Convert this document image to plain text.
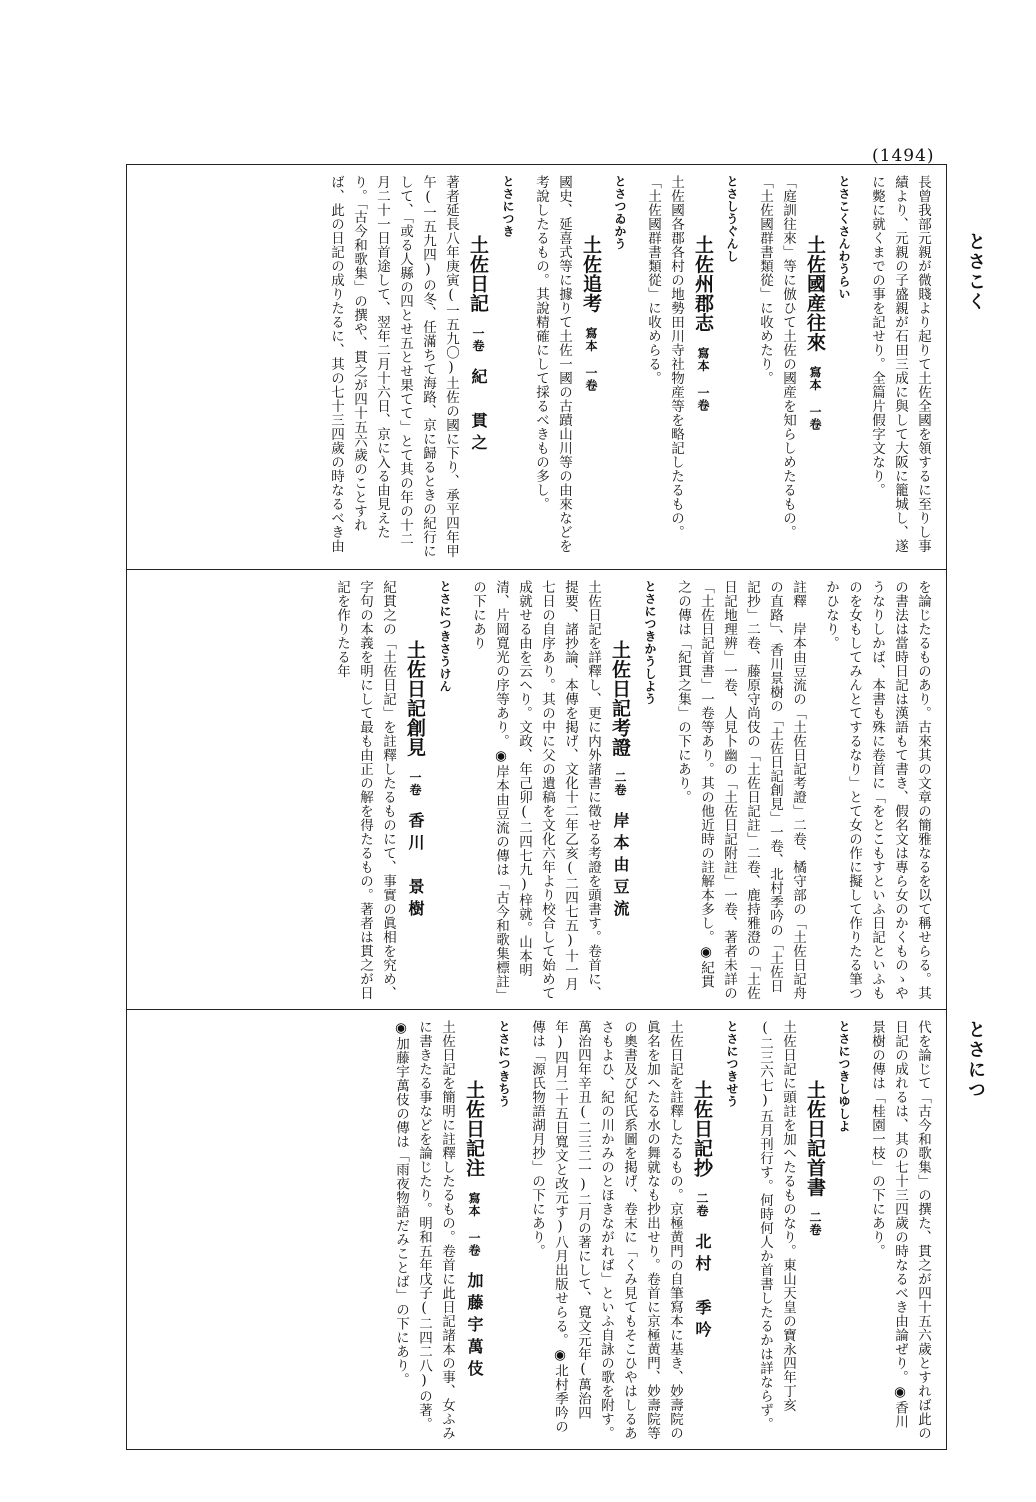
(1494)
とさこく
とさにつ
長曾我部元親が微賤より起りて土佐全國を領するに至りし事績より、元親の子盛親が石田三成に與して大阪に籠城し、遂に斃に就くまでの事を記せり。全篇片假字文なり。
とさこくさんわうらい
土佐國産往來寫本 一卷
「庭訓往來」等に倣ひて土佐の國産を知らしめたるもの。「土佐國群書類從」に收めたり。
とさしうぐんし
土佐州郡志寫本 一卷
土佐國各郡各村の地勢田川寺社物産等を略記したるもの。「土佐國群書類從」に收めらる。
とさつゐかう
土佐追考寫本 一卷
國史、延喜式等に據りて土佐一國の古蹟山川等の由來などを考說したるもの。其說精確にして採るべきもの多し。
とさにつき
土佐日記一卷紀　貫之
著者延長八年庚寅(一五九〇)土佐の國に下り、承平四年甲午(一五九四)の冬、任滿ちて海路、京に歸るときの紀行にして、「或る人縣の四とせ五とせ果てて」とて其の年の十二月二十一日首途して、翌年二月十六日、京に入る由見えたり。「古今和歌集」の撰や、貫之が四十五六歲のことすれば、此の日記の成りたるに、其の七十三四歲の時なるべき由
を論じたるものあり。古來其の文章の簡雅なるを以て稱せらる。其の書法は當時日記は漢語もて書き、假名文は專ら女のかくものゝやうなりしかば、本書も殊に卷首に「をとこもすといふ日記といふものを女もしてみんとてするなり」とて女の作に擬して作りたる筆つかひなり。
註釋　岸本由豆流の「土佐日記考證」二卷、橘守部の「土佐日記舟の直路」、香川景樹の「土佐日記創見」一卷、北村季吟の「土佐日記抄」二卷、藤原守尚伎の「土佐日記註」二卷、鹿持雅澄の「土佐日記地理辨」一卷、人見卜幽の「土佐日記附註」一卷、著者未詳の「土佐日記首書」一卷等あり。其の他近時の註解本多し。◉紀貫之の傳は「紀貫之集」の下にあり。
とさにつきかうしよう
土佐日記考證二卷岸本由豆流
土佐日記を詳釋し、更に内外諸書に徵せる考證を頭書す。卷首に、提要、諸抄論、本傳を掲げ、文化十二年乙亥(二四七五)十一月七日の自序あり。其の中に父の遺稿を文化六年より校合して始めて成就せる由を云へり。文政、年己卯(二四七九)梓就。山本明清、片岡寬光の序等あり。◉岸本由豆流の傳は「古今和歌集標註」の下にあり
とさにつきさうけん
土佐日記創見一卷香川　景樹
紀貫之の「土佐日記」を註釋したるものにて、事實の眞相を究め、字句の本義を明にして最も由正の解を得たるもの。著者は貫之が日記を作りたる年
代を論じて「古今和歌集」の撰た、貫之が四十五六歲とすれば此の日記の成れるは、其の七十三四歲の時なるべき由論ぜり。◉香川景樹の傳は「桂園一枝」の下にあり。
とさにつきしゆしよ
土佐日記首書二卷
土佐日記に頭註を加へたるものなり。東山天皇の寶永四年丁亥(二三六七)五月刊行す。何時何人か首書したるかは詳ならず。
とさにつきせう
土佐日記抄二卷北村　季吟
土佐日記を註釋したるもの。京極黄門の自筆寫本に基き、妙壽院の眞名を加へたる水の舞就なも抄出せり。卷首に京極黄門、妙壽院等の奧書及び紀氏系圖を掲げ、卷末に「くみ見てもそこひやはしるあさもよひ、紀の川かみのとほきながれば」といふ自詠の歌を附す。萬治四年辛丑(二三二一)二月の著にして、寬文元年(萬治四年)四月二十五日寬文と改元す)八月出版せらる。◉北村季吟の傳は「源氏物語湖月抄」の下にあり。
とさにつきちう
土佐日記注寫本 一卷加藤宇萬伎
土佐日記を簡明に註釋したるもの。卷首に此日記諸本の事、女ふみに書きたる事などを論じたり。明和五年戊子(二四二八)の著。◉加藤宇萬伎の傳は「雨夜物語だみことば」の下にあり。
